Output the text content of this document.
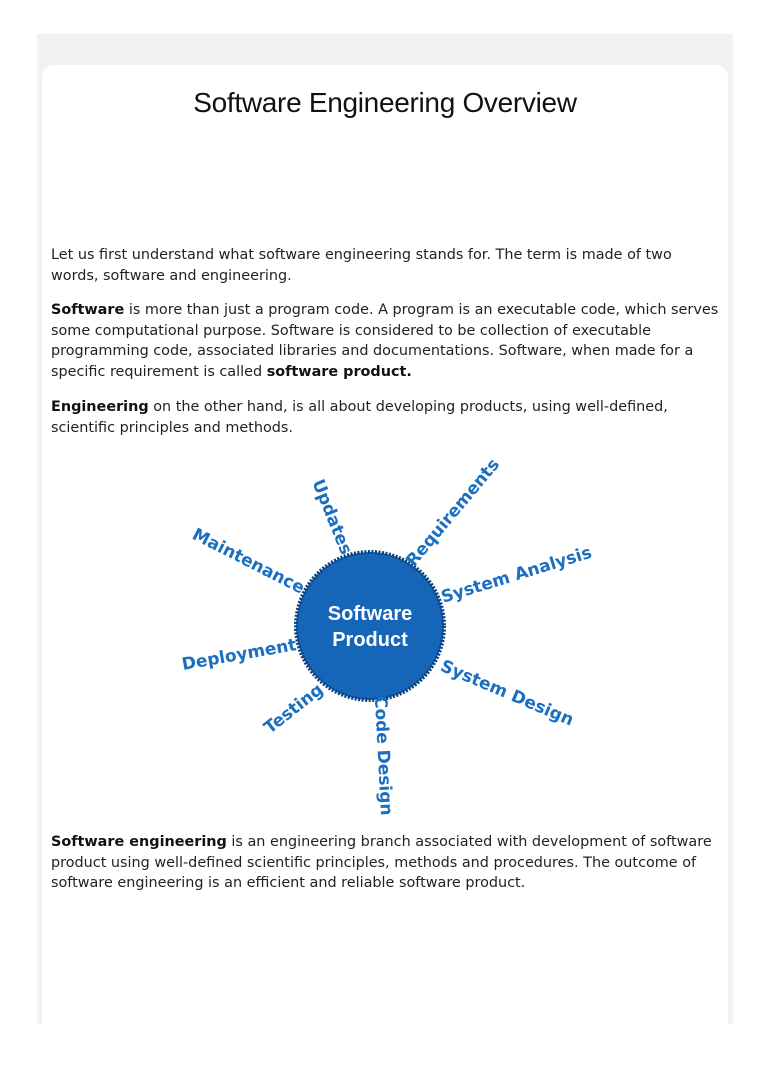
Software Engineering Overview

Let us first understand what software engineering stands for. The term is made of two words, software and engineering.

Software is more than just a program code. A program is an executable code, which serves some computational purpose. Software is considered to be collection of executable programming code, associated libraries and documentations. Software, when made for a specific requirement is called software product.

Engineering on the other hand, is all about developing products, using well-defined, scientific principles and methods.

Software
Product
Updates	Requirements
Maintenance	System Analysis
Deployment
System Design
Testing	Code Design

Software engineering is an engineering branch associated with development of software product using well-defined scientific principles, methods and procedures. The outcome of software engineering is an efficient and reliable software product.
